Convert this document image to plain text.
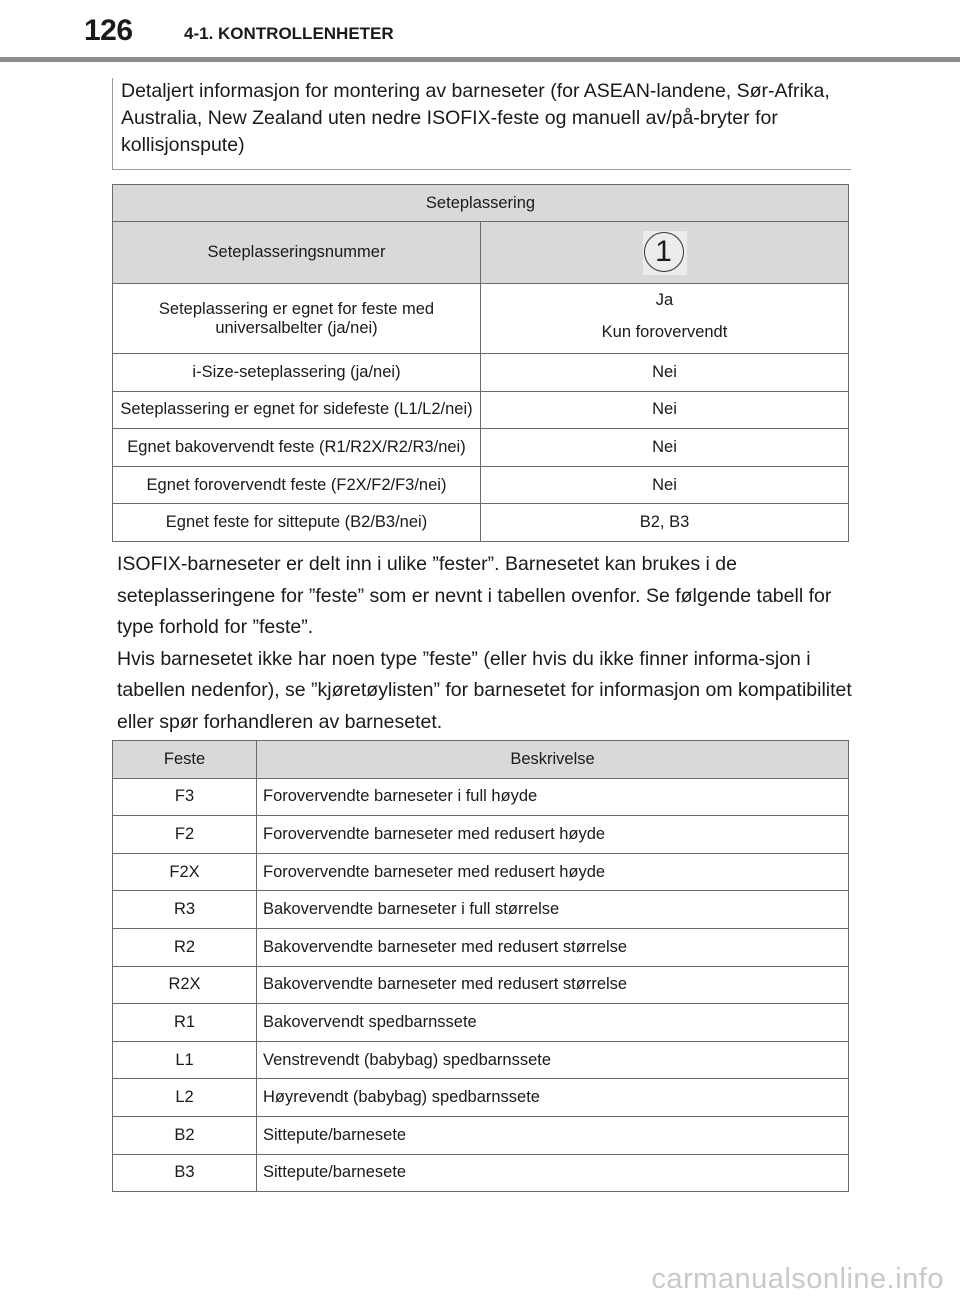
126	4-1. KONTROLLENHETER
Detaljert informasjon for montering av barneseter (for ASEAN-landene, Sør-Afrika, Australia, New Zealand uten nedre ISOFIX-feste og manuell av/på-bryter for kollisjonspute)
Seteplassering	
Seteplasseringsnummer	1

Seteplassering er egnet for feste med universalbelter (ja/nei)	Ja
Kun forovervendt

i-Size-seteplassering (ja/nei)	Nei
Seteplassering er egnet for sidefeste (L1/L2/nei)	Nei
Egnet bakovervendt feste (R1/R2X/R2/R3/nei)	Nei
Egnet forovervendt feste (F2X/F2/F3/nei)	Nei
Egnet feste for sittepute (B2/B3/nei)	B2, B3

ISOFIX-barneseter er delt inn i ulike ”fester”. Barnesetet kan brukes i de seteplasseringene for ”feste” som er nevnt i tabellen ovenfor. Se følgende tabell for type forhold for ”feste”.

Hvis barnesetet ikke har noen type ”feste” (eller hvis du ikke finner informa-sjon i tabellen nedenfor), se ”kjøretøylisten” for barnesetet for informasjon om kompatibilitet eller spør forhandleren av barnesetet.

Feste	Beskrivelse
F3	Forovervendte barneseter i full høyde
F2	Forovervendte barneseter med redusert høyde
F2X	Forovervendte barneseter med redusert høyde
R3	Bakovervendte barneseter i full størrelse
R2	Bakovervendte barneseter med redusert størrelse
R2X	Bakovervendte barneseter med redusert størrelse
R1	Bakovervendt spedbarnssete
L1	Venstrevendt (babybag) spedbarnssete
L2	Høyrevendt (babybag) spedbarnssete
B2	Sittepute/barnesete
B3	Sittepute/barnesete
carmanualsonline.info
